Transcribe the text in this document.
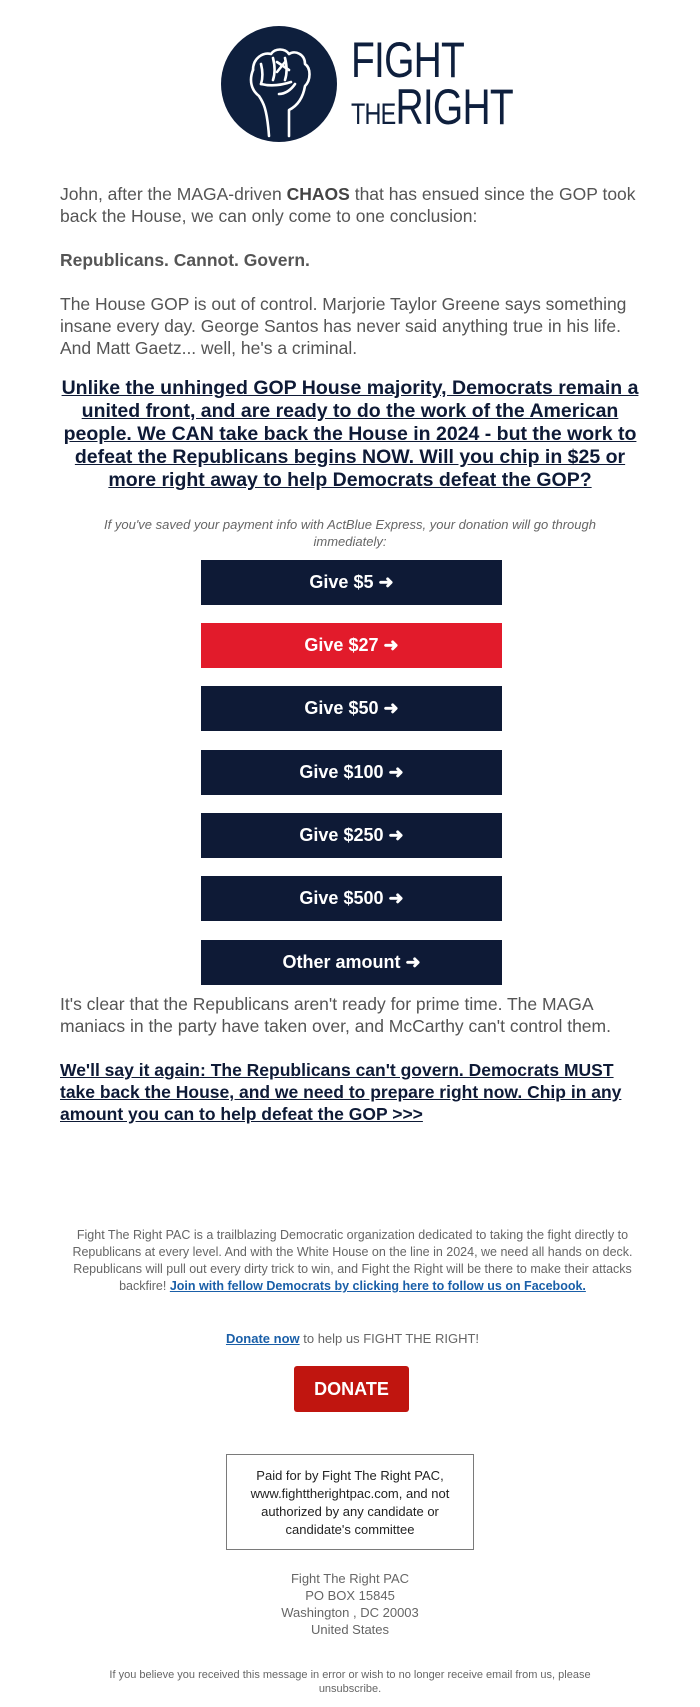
FIGHT
THERIGHT

John, after the MAGA-driven CHAOS that has ensued since the GOP took back the House, we can only come to one conclusion:

Republicans. Cannot. Govern.

The House GOP is out of control. Marjorie Taylor Greene says something insane every day. George Santos has never said anything true in his life. And Matt Gaetz... well, he's a criminal.

Unlike the unhinged GOP House majority, Democrats remain a united front, and are ready to do the work of the American people. We CAN take back the House in 2024 - but the work to defeat the Republicans begins NOW. Will you chip in $25 or more right away to help Democrats defeat the GOP?
If you've saved your payment info with ActBlue Express, your donation will go through immediately:
Give $5 ➜
Give $27 ➜
Give $50 ➜
Give $100 ➜
Give $250 ➜
Give $500 ➜
Other amount ➜
It's clear that the Republicans aren't ready for prime time. The MAGA maniacs in the party have taken over, and McCarthy can't control them.
We'll say it again: The Republicans can't govern. Democrats MUST take back the House, and we need to prepare right now. Chip in any amount you can to help defeat the GOP >>>
Fight The Right PAC is a trailblazing Democratic organization dedicated to taking the fight directly to Republicans at every level. And with the White House on the line in 2024, we need all hands on deck. Republicans will pull out every dirty trick to win, and Fight the Right will be there to make their attacks backfire! Join with fellow Democrats by clicking here to follow us on Facebook.
Donate now to help us FIGHT THE RIGHT!
DONATE
Paid for by Fight The Right PAC, www.fighttherightpac.com, and not authorized by any candidate or candidate's committee
Fight The Right PAC
PO BOX 15845
Washington , DC 20003
United States
If you believe you received this message in error or wish to no longer receive email from us, please unsubscribe.
